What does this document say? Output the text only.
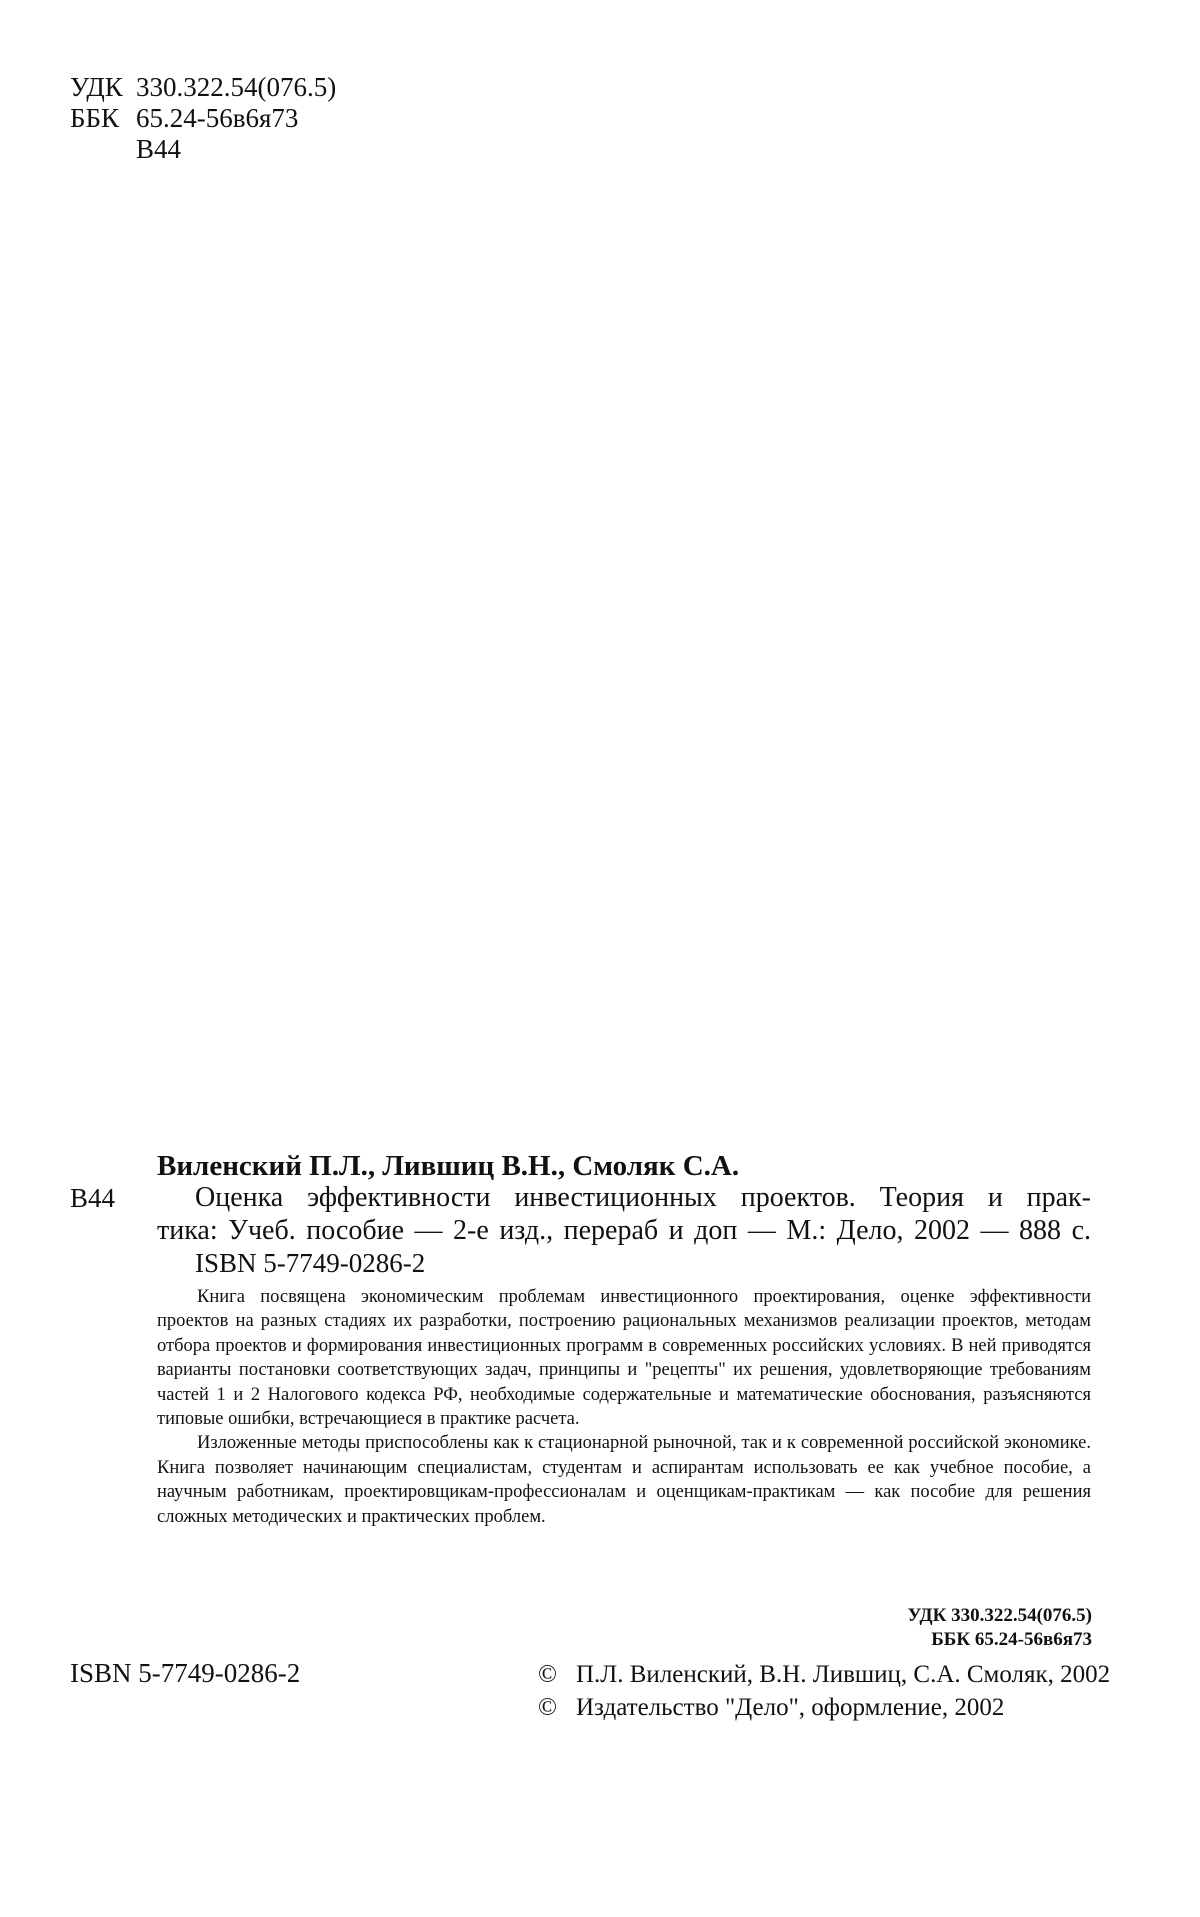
УДК 330.322.54(076.5)
ББК 65.24-56в6я73
В44
Виленский П.Л., Лившиц В.Н., Смоляк С.А.
В44	Оценка эффективности инвестиционных проектов. Теория и прак-
тика: Учеб. пособие — 2-е изд., перераб и доп — М.: Дело, 2002 — 888 с.
ISBN 5-7749-0286-2

Книга посвящена экономическим проблемам инвестиционного проектирования, оценке эффективности проектов на разных стадиях их разработки, построению рациональных механизмов реализации проектов, методам отбора проектов и формирования инвестиционных программ в современных российских условиях. В ней приводятся варианты постановки соответствующих задач, принципы и "рецепты" их решения, удовлетворяющие требованиям частей 1 и 2 Налогового кодекса РФ, необходимые содержательные и математические обоснования, разъясняются типовые ошибки, встречающиеся в практике расчета.

Изложенные методы приспособлены как к стационарной рыночной, так и к современной российской экономике. Книга позволяет начинающим специалистам, студентам и аспирантам использовать ее как учебное пособие, а научным работникам, проектировщикам-профессионалам и оценщикам-практикам — как пособие для решения сложных методических и практических проблем.

УДК 330.322.54(076.5)
ББК 65.24-56в6я73
ISBN 5-7749-0286-2	© П.Л. Виленский, В.Н. Лившиц, С.А. Смоляк, 2002
© Издательство "Дело", оформление, 2002
